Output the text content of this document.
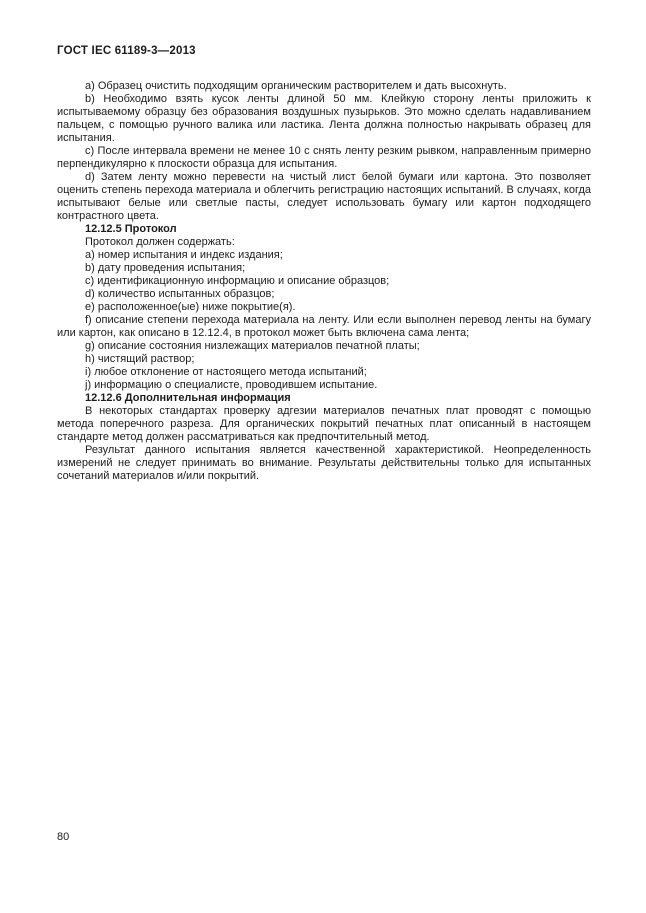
ГОСТ IEC 61189-3—2013

a) Образец очистить подходящим органическим растворителем и дать высохнуть.

b) Необходимо взять кусок ленты длиной 50 мм. Клейкую сторону ленты приложить к испытываемому образцу без образования воздушных пузырьков. Это можно сделать надавливанием пальцем, с помощью ручного валика или ластика. Лента должна полностью накрывать образец для испытания.

c) После интервала времени не менее 10 с снять ленту резким рывком, направленным примерно перпендикулярно к плоскости образца для испытания.

d) Затем ленту можно перевести на чистый лист белой бумаги или картона. Это позволяет оценить степень перехода материала и облегчить регистрацию настоящих испытаний. В случаях, когда испытывают белые или светлые пасты, следует использовать бумагу или картон подходящего контрастного цвета.

12.12.5 Протокол

Протокол должен содержать:

a) номер испытания и индекс издания;

b) дату проведения испытания;

c) идентификационную информацию и описание образцов;

d) количество испытанных образцов;

e) расположенное(ые) ниже покрытие(я).

f) описание степени перехода материала на ленту. Или если выполнен перевод ленты на бумагу или картон, как описано в 12.12.4, в протокол может быть включена сама лента;

g) описание состояния низлежащих материалов печатной платы;

h) чистящий раствор;

i) любое отклонение от настоящего метода испытаний;

j) информацию о специалисте, проводившем испытание.

12.12.6 Дополнительная информация

В некоторых стандартах проверку адгезии материалов печатных плат проводят с помощью метода поперечного разреза. Для органических покрытий печатных плат описанный в настоящем стандарте метод должен рассматриваться как предпочтительный метод.

Результат данного испытания является качественной характеристикой. Неопределенность измерений не следует принимать во внимание. Результаты действительны только для испытанных сочетаний материалов и/или покрытий.

80
